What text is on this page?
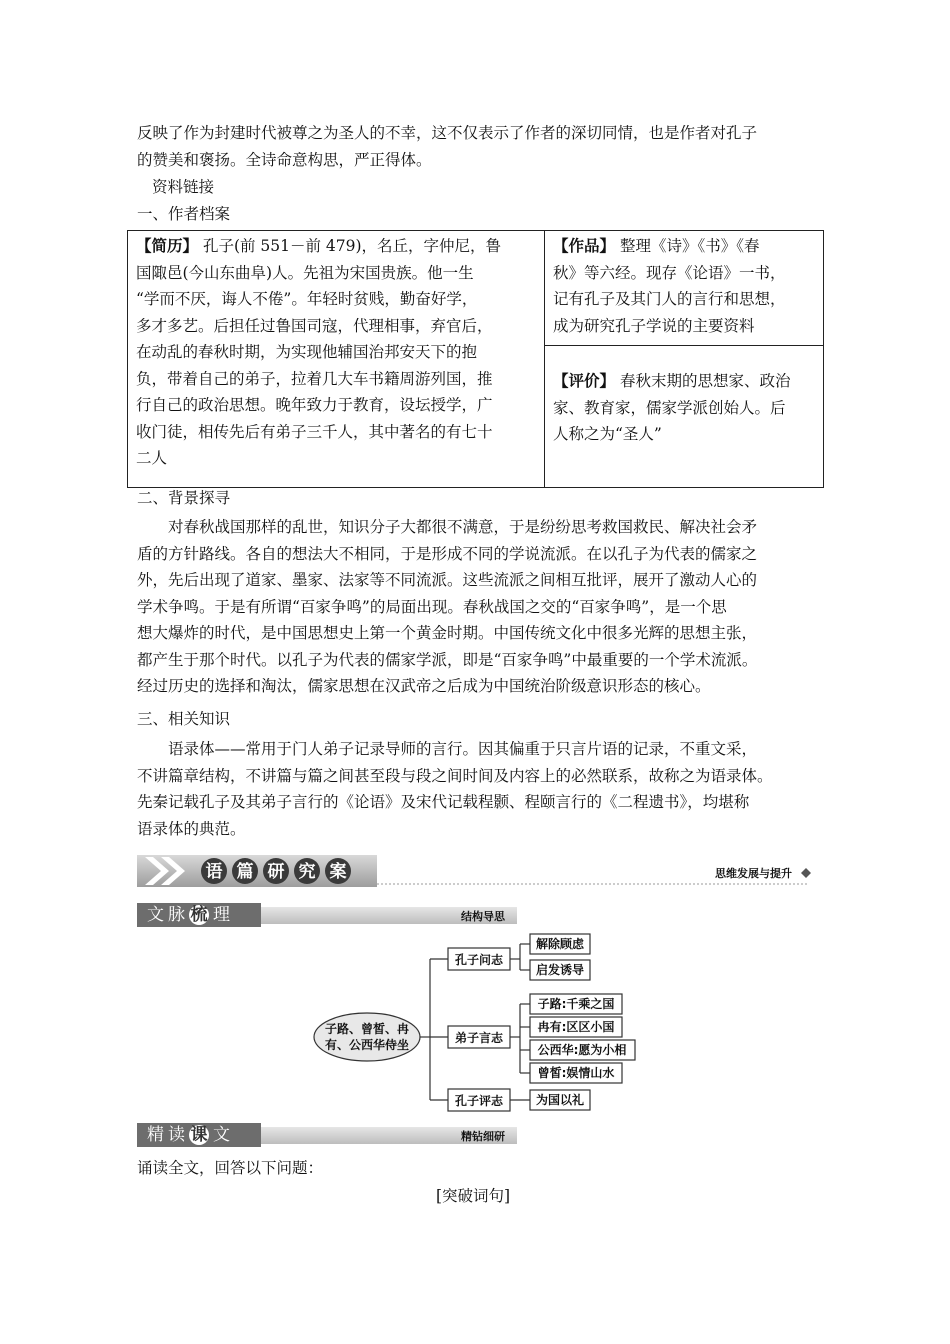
反映了作为封建时代被尊之为圣人的不幸，这不仅表示了作者的深切同情，也是作者对孔子
的赞美和褒扬。全诗命意构思，严正得体。
资料链接
一、作者档案
【简历】 孔子(前 551－前 479)，名丘，字仲尼，鲁
国陬邑(今山东曲阜)人。先祖为宋国贵族。他一生
“学而不厌，诲人不倦”。年轻时贫贱，勤奋好学，
多才多艺。后担任过鲁国司寇，代理相事，弃官后，
在动乱的春秋时期，为实现他辅国治邦安天下的抱
负，带着自己的弟子，拉着几大车书籍周游列国，推
行自己的政治思想。晚年致力于教育，设坛授学，广
收门徒，相传先后有弟子三千人，其中著名的有七十
二人	【作品】 整理《诗》《书》《春
秋》等六经。现存《论语》一书，
记有孔子及其门人的言行和思想，
成为研究孔子学说的主要资料
【评价】 春秋末期的思想家、政治
家、教育家，儒家学派创始人。后
人称之为“圣人”
二、背景探寻
对春秋战国那样的乱世，知识分子大都很不满意，于是纷纷思考救国救民、解决社会矛
盾的方针路线。各自的想法大不相同，于是形成不同的学说流派。在以孔子为代表的儒家之
外，先后出现了道家、墨家、法家等不同流派。这些流派之间相互批评，展开了激动人心的
学术争鸣。于是有所谓“百家争鸣”的局面出现。春秋战国之交的“百家争鸣”，是一个思
想大爆炸的时代，是中国思想史上第一个黄金时期。中国传统文化中很多光辉的思想主张，
都产生于那个时代。以孔子为代表的儒家学派，即是“百家争鸣”中最重要的一个学术流派。
经过历史的选择和淘汰，儒家思想在汉武帝之后成为中国统治阶级意识形态的核心。
三、相关知识
语录体——常用于门人弟子记录导师的言行。因其偏重于只言片语的记录，不重文采，
不讲篇章结构，不讲篇与篇之间甚至段与段之间时间及内容上的必然联系，故称之为语录体。
先秦记载孔子及其弟子言行的《论语》及宋代记载程颢、程颐言行的《二程遗书》，均堪称
语录体的典范。
语 篇 研 究 案	思维发展与提升
文脉梳 理	结构导思
子路、曾皙、冉
有、公西华侍坐
孔子问志
弟子言志
孔子评志
解除顾虑
启发诱导
子路:千乘之国
冉有:区区小国
公西华:愿为小相
曾皙:娱情山水
为国以礼
精读课 文	精钻细研
诵读全文，回答以下问题：
[突破词句]
